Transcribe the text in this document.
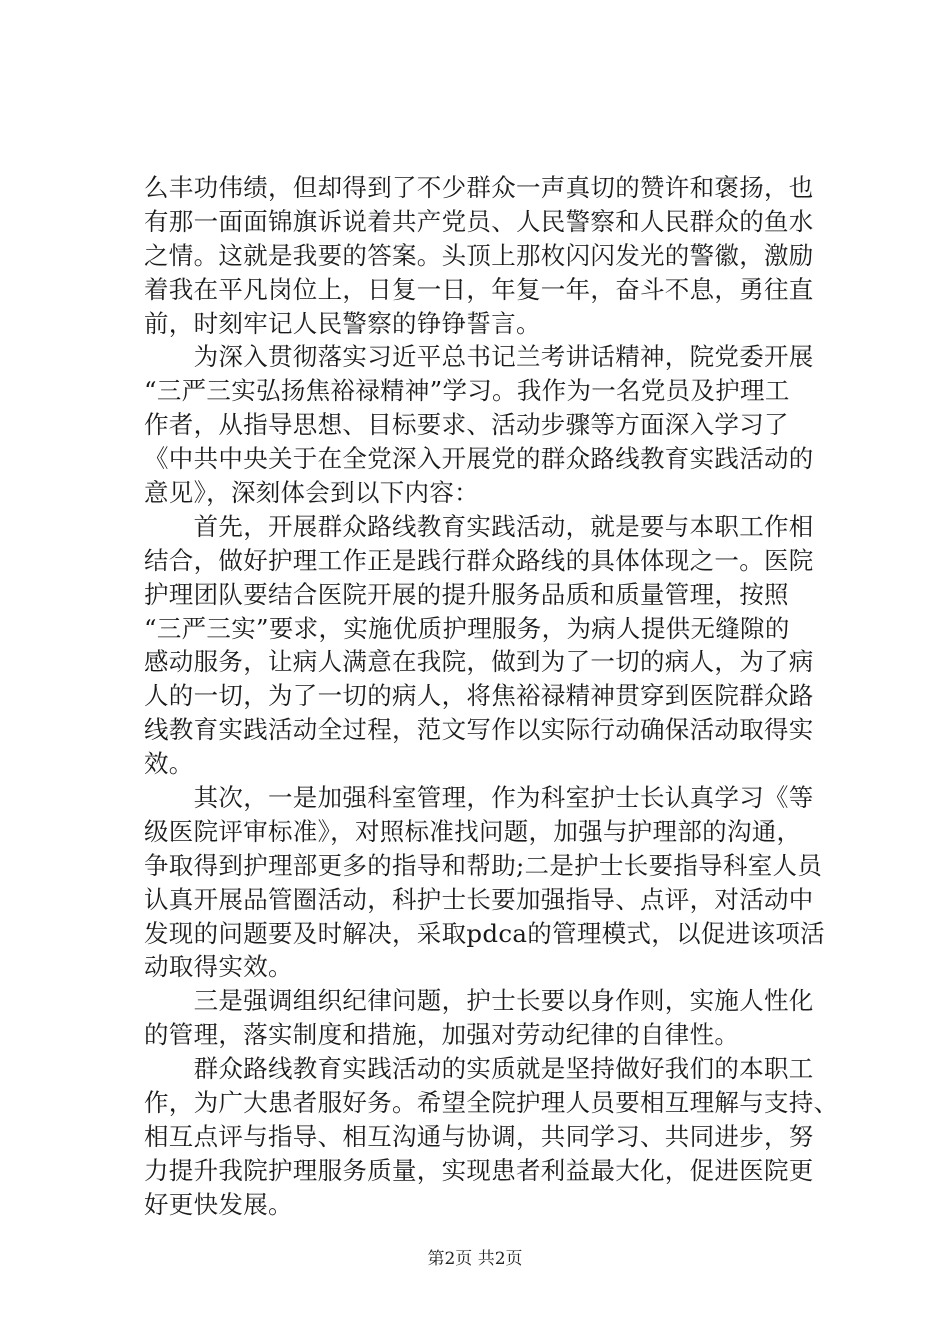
么丰功伟绩，但却得到了不少群众一声真切的赞许和褒扬，也
有那一面面锦旗诉说着共产党员、人民警察和人民群众的鱼水
之情。这就是我要的答案。头顶上那枚闪闪发光的警徽，激励
着我在平凡岗位上，日复一日，年复一年，奋斗不息，勇往直
前，时刻牢记人民警察的铮铮誓言。
　　为深入贯彻落实习近平总书记兰考讲话精神，院党委开展
“三严三实弘扬焦裕禄精神”学习。我作为一名党员及护理工
作者，从指导思想、目标要求、活动步骤等方面深入学习了
《中共中央关于在全党深入开展党的群众路线教育实践活动的
意见》，深刻体会到以下内容：
　　首先，开展群众路线教育实践活动，就是要与本职工作相
结合，做好护理工作正是践行群众路线的具体体现之一。医院
护理团队要结合医院开展的提升服务品质和质量管理，按照
“三严三实”要求，实施优质护理服务，为病人提供无缝隙的
感动服务，让病人满意在我院，做到为了一切的病人，为了病
人的一切，为了一切的病人，将焦裕禄精神贯穿到医院群众路
线教育实践活动全过程，范文写作以实际行动确保活动取得实
效。
　　其次，一是加强科室管理，作为科室护士长认真学习《等
级医院评审标准》，对照标准找问题，加强与护理部的沟通，
争取得到护理部更多的指导和帮助;二是护士长要指导科室人员
认真开展品管圈活动，科护士长要加强指导、点评，对活动中
发现的问题要及时解决，采取pdca的管理模式，以促进该项活
动取得实效。
　　三是强调组织纪律问题，护士长要以身作则，实施人性化
的管理，落实制度和措施，加强对劳动纪律的自律性。
　　群众路线教育实践活动的实质就是坚持做好我们的本职工
作，为广大患者服好务。希望全院护理人员要相互理解与支持、
相互点评与指导、相互沟通与协调，共同学习、共同进步，努
力提升我院护理服务质量，实现患者利益最大化，促进医院更
好更快发展。
第2页 共2页
